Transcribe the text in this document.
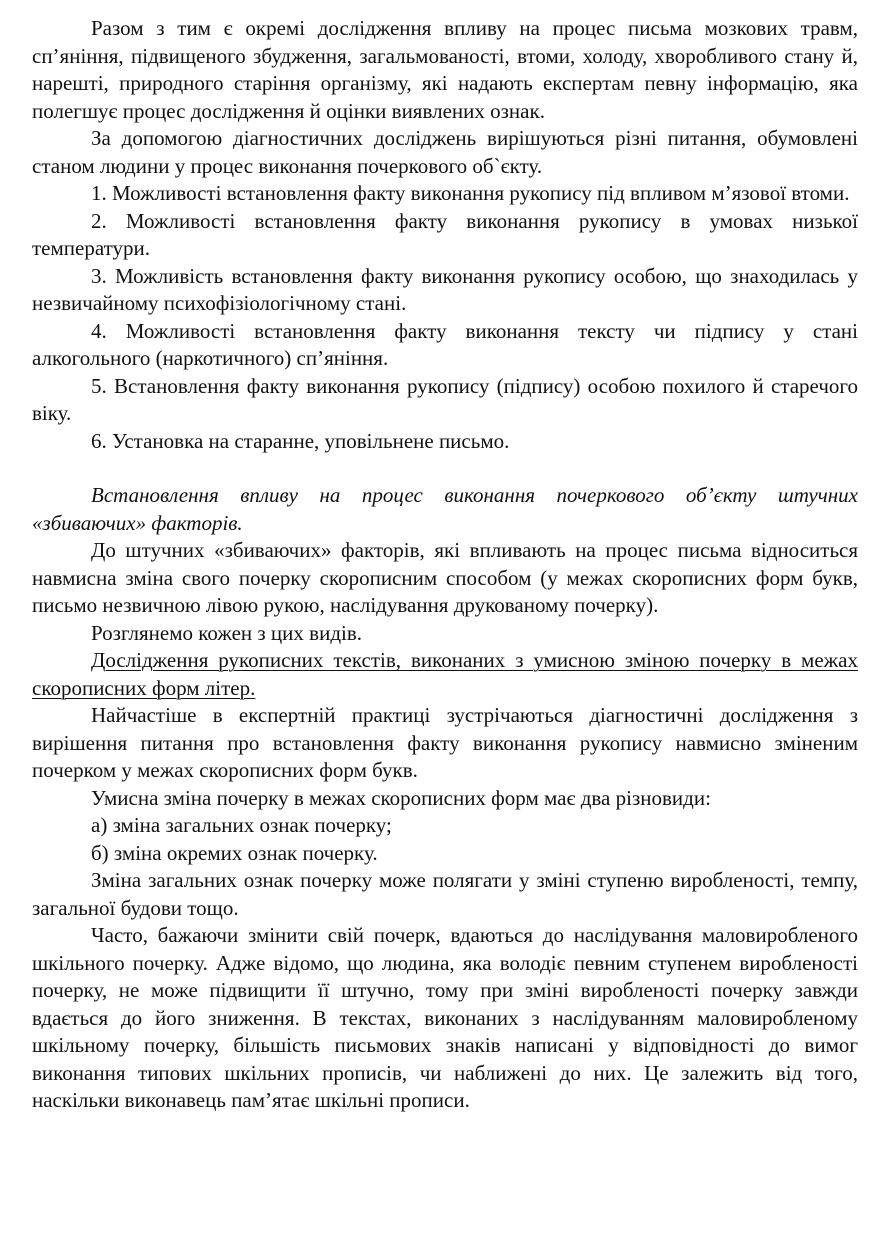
Разом з тим є окремі дослідження впливу на процес письма мозкових травм, сп’яніння, підвищеного збудження, загальмованості, втоми, холоду, хворобливого стану й, нарешті, природного старіння організму, які надають експертам певну інформацію, яка полегшує процес дослідження й оцінки виявлених ознак.

За допомогою діагностичних досліджень вирішуються різні питання, обумовлені станом людини у процес виконання почеркового об`єкту.

1. Можливості встановлення факту виконання рукопису під впливом м’язової втоми.

2. Можливості встановлення факту виконання рукопису в умовах низької температури.

3. Можливість встановлення факту виконання рукопису особою, що знаходилась у незвичайному психофізіологічному стані.

4. Можливості встановлення факту виконання тексту чи підпису у стані алкогольного (наркотичного) сп’яніння.

5. Встановлення факту виконання рукопису (підпису) особою похилого й старечого віку.

6. Установка на старанне, уповільнене письмо.

Встановлення впливу на процес виконання почеркового об’єкту штучних «збиваючих» факторів.

До штучних «збиваючих» факторів, які впливають на процес письма відноситься навмисна зміна свого почерку скорописним способом (у межах скорописних форм букв, письмо незвичною лівою рукою, наслідування друкованому почерку).

Розглянемо кожен з цих видів.

Дослідження рукописних текстів, виконаних з умисною зміною почерку в межах скорописних форм літер.

Найчастіше в експертній практиці зустрічаються діагностичні дослідження з вирішення питання про встановлення факту виконання рукопису навмисно зміненим почерком у межах скорописних форм букв.

Умисна зміна почерку в межах скорописних форм має два різновиди:

а) зміна загальних ознак почерку;

б) зміна окремих ознак почерку.

Зміна загальних ознак почерку може полягати у зміні ступеню виробленості, темпу, загальної будови тощо.

Часто, бажаючи змінити свій почерк, вдаються до наслідування маловиробленого шкільного почерку. Адже відомо, що людина, яка володіє певним ступенем виробленості почерку, не може підвищити її штучно, тому при зміні виробленості почерку завжди вдається до його зниження. В текстах, виконаних з наслідуванням маловиробленому шкільному почерку, більшість письмових знаків написані у відповідності до вимог виконання типових шкільних прописів, чи наближені до них. Це залежить від того, наскільки виконавець пам’ятає шкільні прописи.
